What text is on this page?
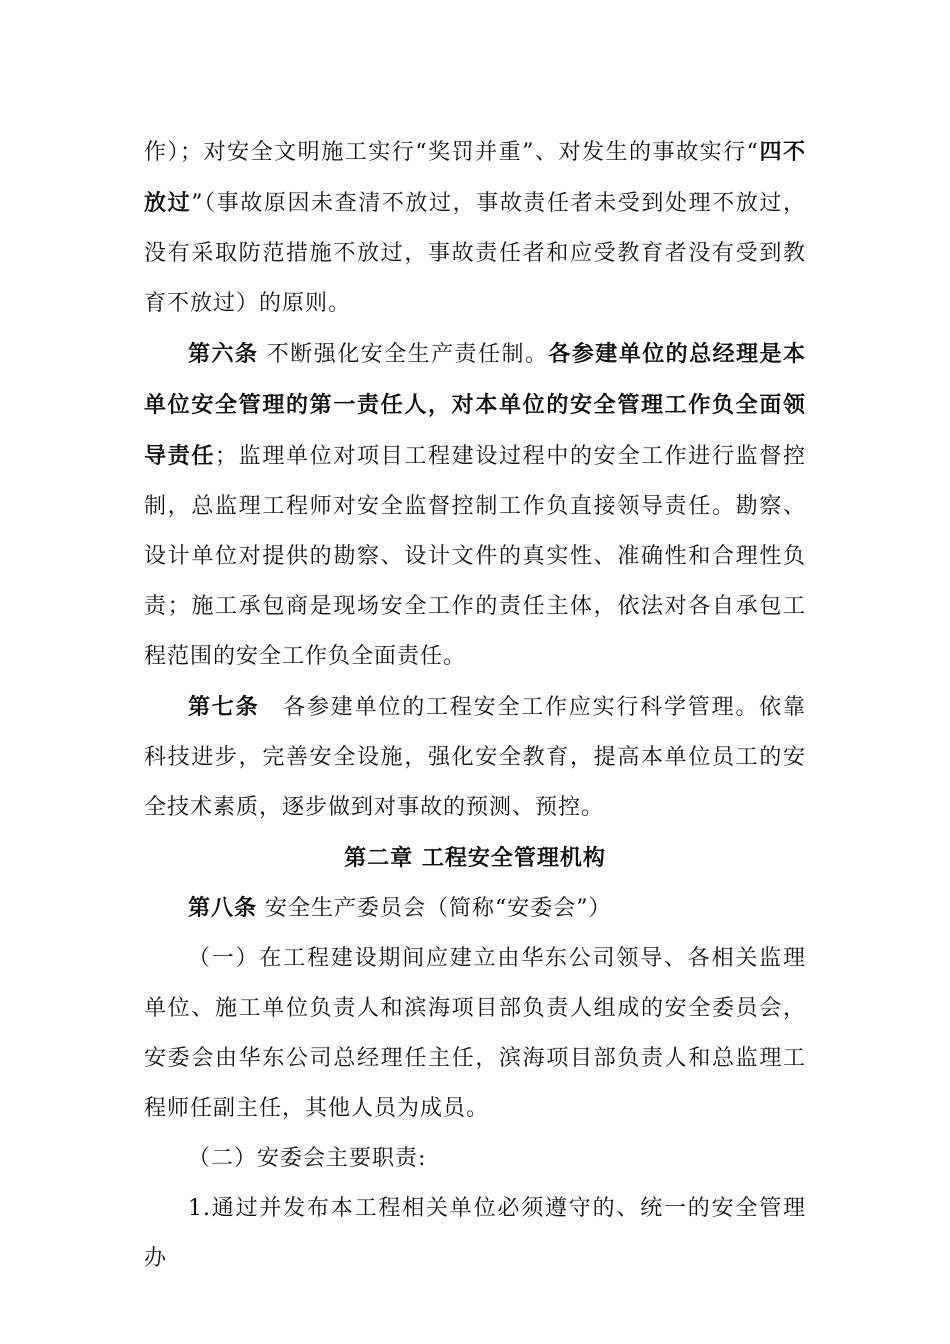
作）；对安全文明施工实行“奖罚并重”、对发生的事故实行“四不放过”（事故原因未查清不放过，事故责任者未受到处理不放过，没有采取防范措施不放过，事故责任者和应受教育者没有受到教育不放过）的原则。

第六条 不断强化安全生产责任制。各参建单位的总经理是本单位安全管理的第一责任人，对本单位的安全管理工作负全面领导责任；监理单位对项目工程建设过程中的安全工作进行监督控制，总监理工程师对安全监督控制工作负直接领导责任。勘察、设计单位对提供的勘察、设计文件的真实性、准确性和合理性负责；施工承包商是现场安全工作的责任主体，依法对各自承包工程范围的安全工作负全面责任。

第七条　各参建单位的工程安全工作应实行科学管理。依靠科技进步，完善安全设施，强化安全教育，提高本单位员工的安全技术素质，逐步做到对事故的预测、预控。

第二章 工程安全管理机构

第八条 安全生产委员会（简称“安委会”）

（一）在工程建设期间应建立由华东公司领导、各相关监理单位、施工单位负责人和滨海项目部负责人组成的安全委员会，安委会由华东公司总经理任主任，滨海项目部负责人和总监理工程师任副主任，其他人员为成员。

（二）安委会主要职责:

1.通过并发布本工程相关单位必须遵守的、统一的安全管理办
